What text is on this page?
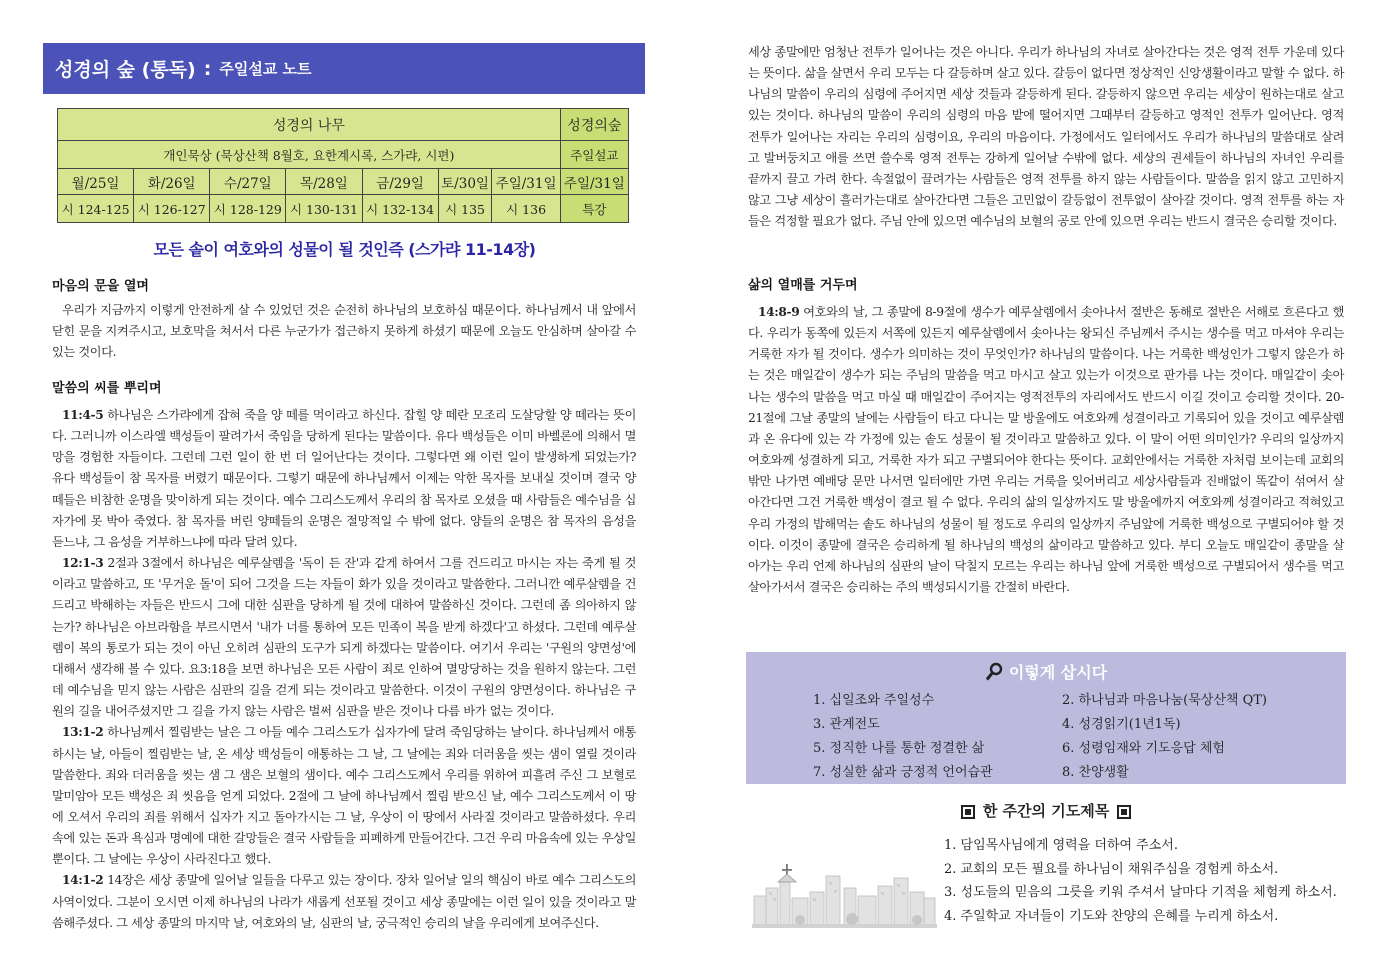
성경의 숲 (통독) : 주일설교 노트
성경의 나무							성경의숲
개인묵상 (묵상산책 8월호, 요한계시록, 스가랴, 시편)							주일설교
월/25일	화/26일	수/27일	목/28일	금/29일	토/30일	주일/31일	주일/31일
시 124-125	시 126-127	시 128-129	시 130-131	시 132-134	시 135	시 136	특강
모든 솥이 여호와의 성물이 될 것인즉 (스가랴 11-14장)
마음의 문을 열며

우리가 지금까지 이렇게 안전하게 살 수 있었던 것은 순전히 하나님의 보호하심 때문이다. 하나님께서 내 앞에서 닫힌 문을 지켜주시고, 보호막을 쳐서서 다른 누군가가 접근하지 못하게 하셨기 때문에 오늘도 안심하며 살아갈 수 있는 것이다.

말씀의 씨를 뿌리며

11:4-5 하나님은 스가랴에게 잡혀 죽을 양 떼를 먹이라고 하신다. 잡힐 양 떼란 모조리 도살당할 양 떼라는 뜻이다. 그러니까 이스라엘 백성들이 팔려가서 죽임을 당하게 된다는 말씀이다. 유다 백성들은 이미 바벨론에 의해서 멸망을 경험한 자들이다. 그런데 그런 일이 한 번 더 일어난다는 것이다. 그렇다면 왜 이런 일이 발생하게 되었는가? 유다 백성들이 참 목자를 버렸기 때문이다. 그렇기 때문에 하나님께서 이제는 악한 목자를 보내실 것이며 결국 양 떼들은 비참한 운명을 맞이하게 되는 것이다. 예수 그리스도께서 우리의 참 목자로 오셨을 때 사람들은 예수님을 십자가에 못 박아 죽였다. 참 목자를 버린 양떼들의 운명은 절망적일 수 밖에 없다. 양들의 운명은 참 목자의 음성을 듣느냐, 그 음성을 거부하느냐에 따라 달려 있다.

12:1-3 2절과 3절에서 하나님은 예루살렘을 '독이 든 잔'과 같게 하여서 그를 건드리고 마시는 자는 죽게 될 것이라고 말씀하고, 또 '무거운 돌'이 되어 그것을 드는 자들이 화가 있을 것이라고 말씀한다. 그러니깐 예루살렘을 건드리고 박해하는 자들은 반드시 그에 대한 심판을 당하게 될 것에 대하여 말씀하신 것이다. 그런데 좀 의아하지 않는가? 하나님은 아브라함을 부르시면서 '내가 너를 통하여 모든 민족이 복을 받게 하겠다'고 하셨다. 그런데 예루살렘이 복의 통로가 되는 것이 아닌 오히려 심판의 도구가 되게 하겠다는 말씀이다. 여기서 우리는 '구원의 양면성'에 대해서 생각해 볼 수 있다. 요3:18을 보면 하나님은 모든 사람이 죄로 인하여 멸망당하는 것을 원하지 않는다. 그런데 예수님을 믿지 않는 사람은 심판의 길을 걷게 되는 것이라고 말씀한다. 이것이 구원의 양면성이다. 하나님은 구원의 길을 내어주셨지만 그 길을 가지 않는 사람은 벌써 심판을 받은 것이나 다름 바가 없는 것이다.

13:1-2 하나님께서 찔림받는 날은 그 아들 예수 그리스도가 십자가에 달려 죽임당하는 날이다. 하나님께서 애통하시는 날, 아들이 찔림받는 날, 온 세상 백성들이 애통하는 그 날, 그 날에는 죄와 더러움을 씻는 샘이 열릴 것이라 말씀한다. 죄와 더러움을 씻는 샘 그 샘은 보혈의 샘이다. 예수 그리스도께서 우리를 위하여 피흘려 주신 그 보혈로 말미암아 모든 백성은 죄 씻음을 얻게 되었다. 2절에 그 날에 하나님께서 찔림 받으신 날, 예수 그리스도께서 이 땅에 오셔서 우리의 죄를 위해서 십자가 지고 돌아가시는 그 날, 우상이 이 땅에서 사라질 것이라고 말씀하셨다. 우리 속에 있는 돈과 욕심과 명예에 대한 갈망들은 결국 사람들을 피폐하게 만들어간다. 그건 우리 마음속에 있는 우상일 뿐이다. 그 날에는 우상이 사라진다고 했다.

14:1-2 14장은 세상 종말에 일어날 일들을 다루고 있는 장이다. 장차 일어날 일의 핵심이 바로 예수 그리스도의 사역이었다. 그분이 오시면 이제 하나님의 나라가 새롭게 선포될 것이고 세상 종말에는 이런 일이 있을 것이라고 말씀해주셨다. 그 세상 종말의 마지막 날, 여호와의 날, 심판의 날, 궁극적인 승리의 날을 우리에게 보여주신다.

세상 종말에만 엄청난 전투가 일어나는 것은 아니다. 우리가 하나님의 자녀로 살아간다는 것은 영적 전투 가운데 있다는 뜻이다. 삶을 살면서 우리 모두는 다 갈등하며 살고 있다. 갈등이 없다면 정상적인 신앙생활이라고 말할 수 없다. 하나님의 말씀이 우리의 심령에 주어지면 세상 것들과 갈등하게 된다. 갈등하지 않으면 우리는 세상이 원하는대로 살고 있는 것이다. 하나님의 말씀이 우리의 심령의 마음 밭에 떨어지면 그때부터 갈등하고 영적인 전투가 일어난다. 영적 전투가 일어나는 자리는 우리의 심령이요, 우리의 마음이다. 가정에서도 일터에서도 우리가 하나님의 말씀대로 살려고 발버둥치고 애를 쓰면 쓸수록 영적 전투는 강하게 일어날 수밖에 없다. 세상의 권세들이 하나님의 자녀인 우리를 끝까지 끌고 가려 한다. 속절없이 끌려가는 사람들은 영적 전투를 하지 않는 사람들이다. 말씀을 읽지 않고 고민하지 않고 그냥 세상이 흘러가는대로 살아간다면 그들은 고민없이 갈등없이 전투없이 살아갈 것이다. 영적 전투를 하는 자들은 걱정할 필요가 없다. 주님 안에 있으면 예수님의 보혈의 공로 안에 있으면 우리는 반드시 결국은 승리할 것이다.

삶의 열매를 거두며

14:8-9 여호와의 날, 그 종말에 8-9절에 생수가 예루살렘에서 솟아나서 절반은 동해로 절반은 서해로 흐른다고 했다. 우리가 동쪽에 있든지 서쪽에 있든지 예루살렘에서 솟아나는 왕되신 주님께서 주시는 생수를 먹고 마셔야 우리는 거룩한 자가 될 것이다. 생수가 의미하는 것이 무엇인가? 하나님의 말씀이다. 나는 거룩한 백성인가 그렇지 않은가 하는 것은 매일같이 생수가 되는 주님의 말씀을 먹고 마시고 살고 있는가 이것으로 판가름 나는 것이다. 매일같이 솟아나는 생수의 말씀을 먹고 마실 때 매일같이 주어지는 영적전투의 자리에서도 반드시 이길 것이고 승리할 것이다. 20-21절에 그날 종말의 날에는 사람들이 타고 다니는 말 방울에도 여호와께 성결이라고 기록되어 있을 것이고 예루살렘과 온 유다에 있는 각 가정에 있는 솥도 성물이 될 것이라고 말씀하고 있다. 이 말이 어떤 의미인가? 우리의 일상까지 여호와께 성결하게 되고, 거룩한 자가 되고 구별되어야 한다는 뜻이다. 교회안에서는 거룩한 자처럼 보이는데 교회의 밖만 나가면 예배당 문만 나서면 일터에만 가면 우리는 거룩을 잊어버리고 세상사람들과 진배없이 똑같이 섞여서 살아간다면 그건 거룩한 백성이 결코 될 수 없다. 우리의 삶의 일상까지도 말 방울에까지 여호와께 성결이라고 적혀있고 우리 가정의 밥해먹는 솥도 하나님의 성물이 될 정도로 우리의 일상까지 주님앞에 거룩한 백성으로 구별되어야 할 것이다. 이것이 종말에 결국은 승리하게 될 하나님의 백성의 삶이라고 말씀하고 있다. 부디 오늘도 매일같이 종말을 살아가는 우리 언제 하나님의 심판의 날이 닥칠지 모르는 우리는 하나님 앞에 거룩한 백성으로 구별되어서 생수를 먹고 살아가서서 결국은 승리하는 주의 백성되시기를 간절히 바란다.

이렇게 삽시다
1. 십일조와 주일성수	2. 하나님과 마음나눔(묵상산책 QT)
3. 관계전도	4. 성경읽기(1년1독)
5. 정직한 나를 통한 정결한 삶	6. 성령임재와 기도응답 체험
7. 성실한 삶과 긍정적 언어습관	8. 찬양생활
한 주간의 기도제목
1. 담임목사님에게 영력을 더하여 주소서.
2. 교회의 모든 필요를 하나님이 채워주심을 경험케 하소서.
3. 성도들의 믿음의 그릇을 키워 주셔서 날마다 기적을 체험케 하소서.
4. 주일학교 자녀들이 기도와 찬양의 은혜를 누리게 하소서.
